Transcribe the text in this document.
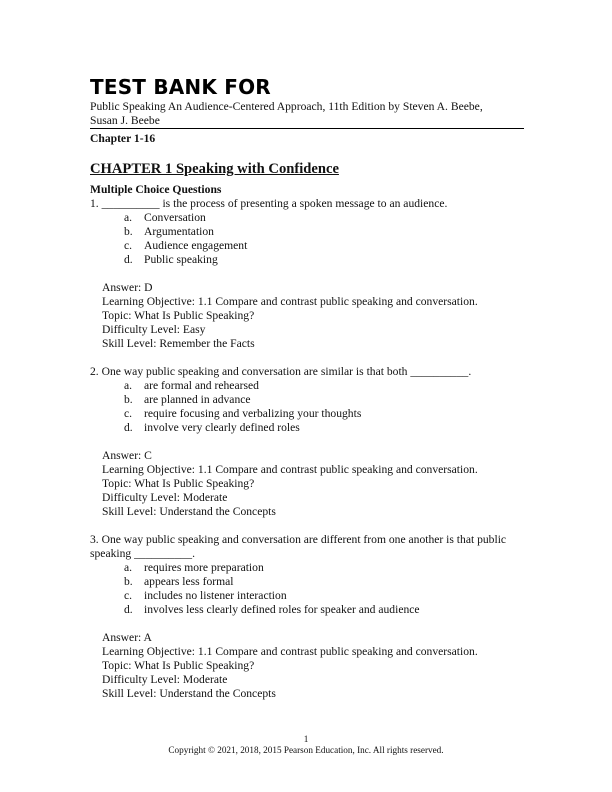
TEST BANK FOR
Public Speaking An Audience-Centered Approach, 11th Edition by Steven A. Beebe,
Susan J. Beebe
Chapter 1-16
CHAPTER 1 Speaking with Confidence
Multiple Choice Questions
1. __________ is the process of presenting a spoken message to an audience.
a.	Conversation
b. Argumentation
c.	Audience engagement
d. Public speaking
Answer: D
Learning Objective: 1.1 Compare and contrast public speaking and conversation.
Topic: What Is Public Speaking?
Difficulty Level: Easy
Skill Level: Remember the Facts
2. One way public speaking and conversation are similar is that both __________.
a.	are formal and rehearsed
b. are planned in advance
c.	require focusing and verbalizing your thoughts
d. involve very clearly defined roles
Answer: C
Learning Objective: 1.1 Compare and contrast public speaking and conversation.
Topic: What Is Public Speaking?
Difficulty Level: Moderate
Skill Level: Understand the Concepts
3. One way public speaking and conversation are different from one another is that public
speaking __________.
a.	requires more preparation
b. appears less formal
c.	includes no listener interaction
d. involves less clearly defined roles for speaker and audience
Answer: A
Learning Objective: 1.1 Compare and contrast public speaking and conversation.
Topic: What Is Public Speaking?
Difficulty Level: Moderate
Skill Level: Understand the Concepts
1
Copyright © 2021, 2018, 2015 Pearson Education, Inc. All rights reserved.
